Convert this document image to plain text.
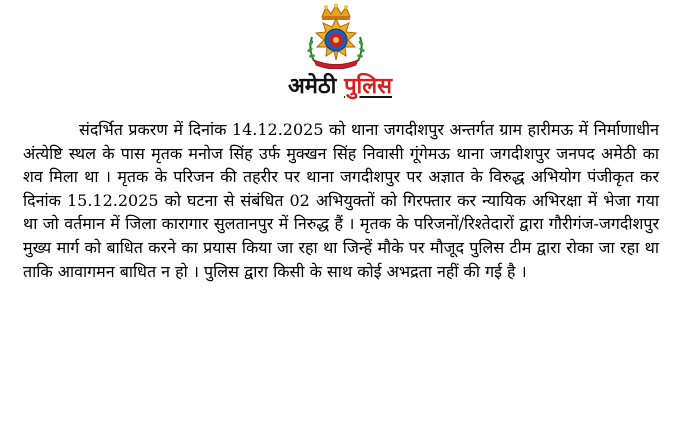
अमेठी पुलिस

संदर्भित प्रकरण में दिनांक 14.12.2025 को थाना जगदीशपुर अन्तर्गत ग्राम हारीमऊ में निर्माणाधीन अंत्येष्टि स्थल के पास मृतक मनोज सिंह उर्फ मुक्खन सिंह निवासी गूंगेमऊ थाना जगदीशपुर जनपद अमेठी का शव मिला था । मृतक के परिजन की तहरीर पर थाना जगदीशपुर पर अज्ञात के विरुद्ध अभियोग पंजीकृत कर दिनांक 15.12.2025 को घटना से संबंधित 02 अभियुक्तों को गिरफ्तार कर न्यायिक अभिरक्षा में भेजा गया था जो वर्तमान में जिला कारागार सुलतानपुर में निरुद्ध हैं । मृतक के परिजनों/रिश्तेदारों द्वारा गौरीगंज-जगदीशपुर मुख्य मार्ग को बाधित करने का प्रयास किया जा रहा था जिन्हें मौके पर मौजूद पुलिस टीम द्वारा रोका जा रहा था ताकि आवागमन बाधित न हो । पुलिस द्वारा किसी के साथ कोई अभद्रता नहीं की गई है ।
